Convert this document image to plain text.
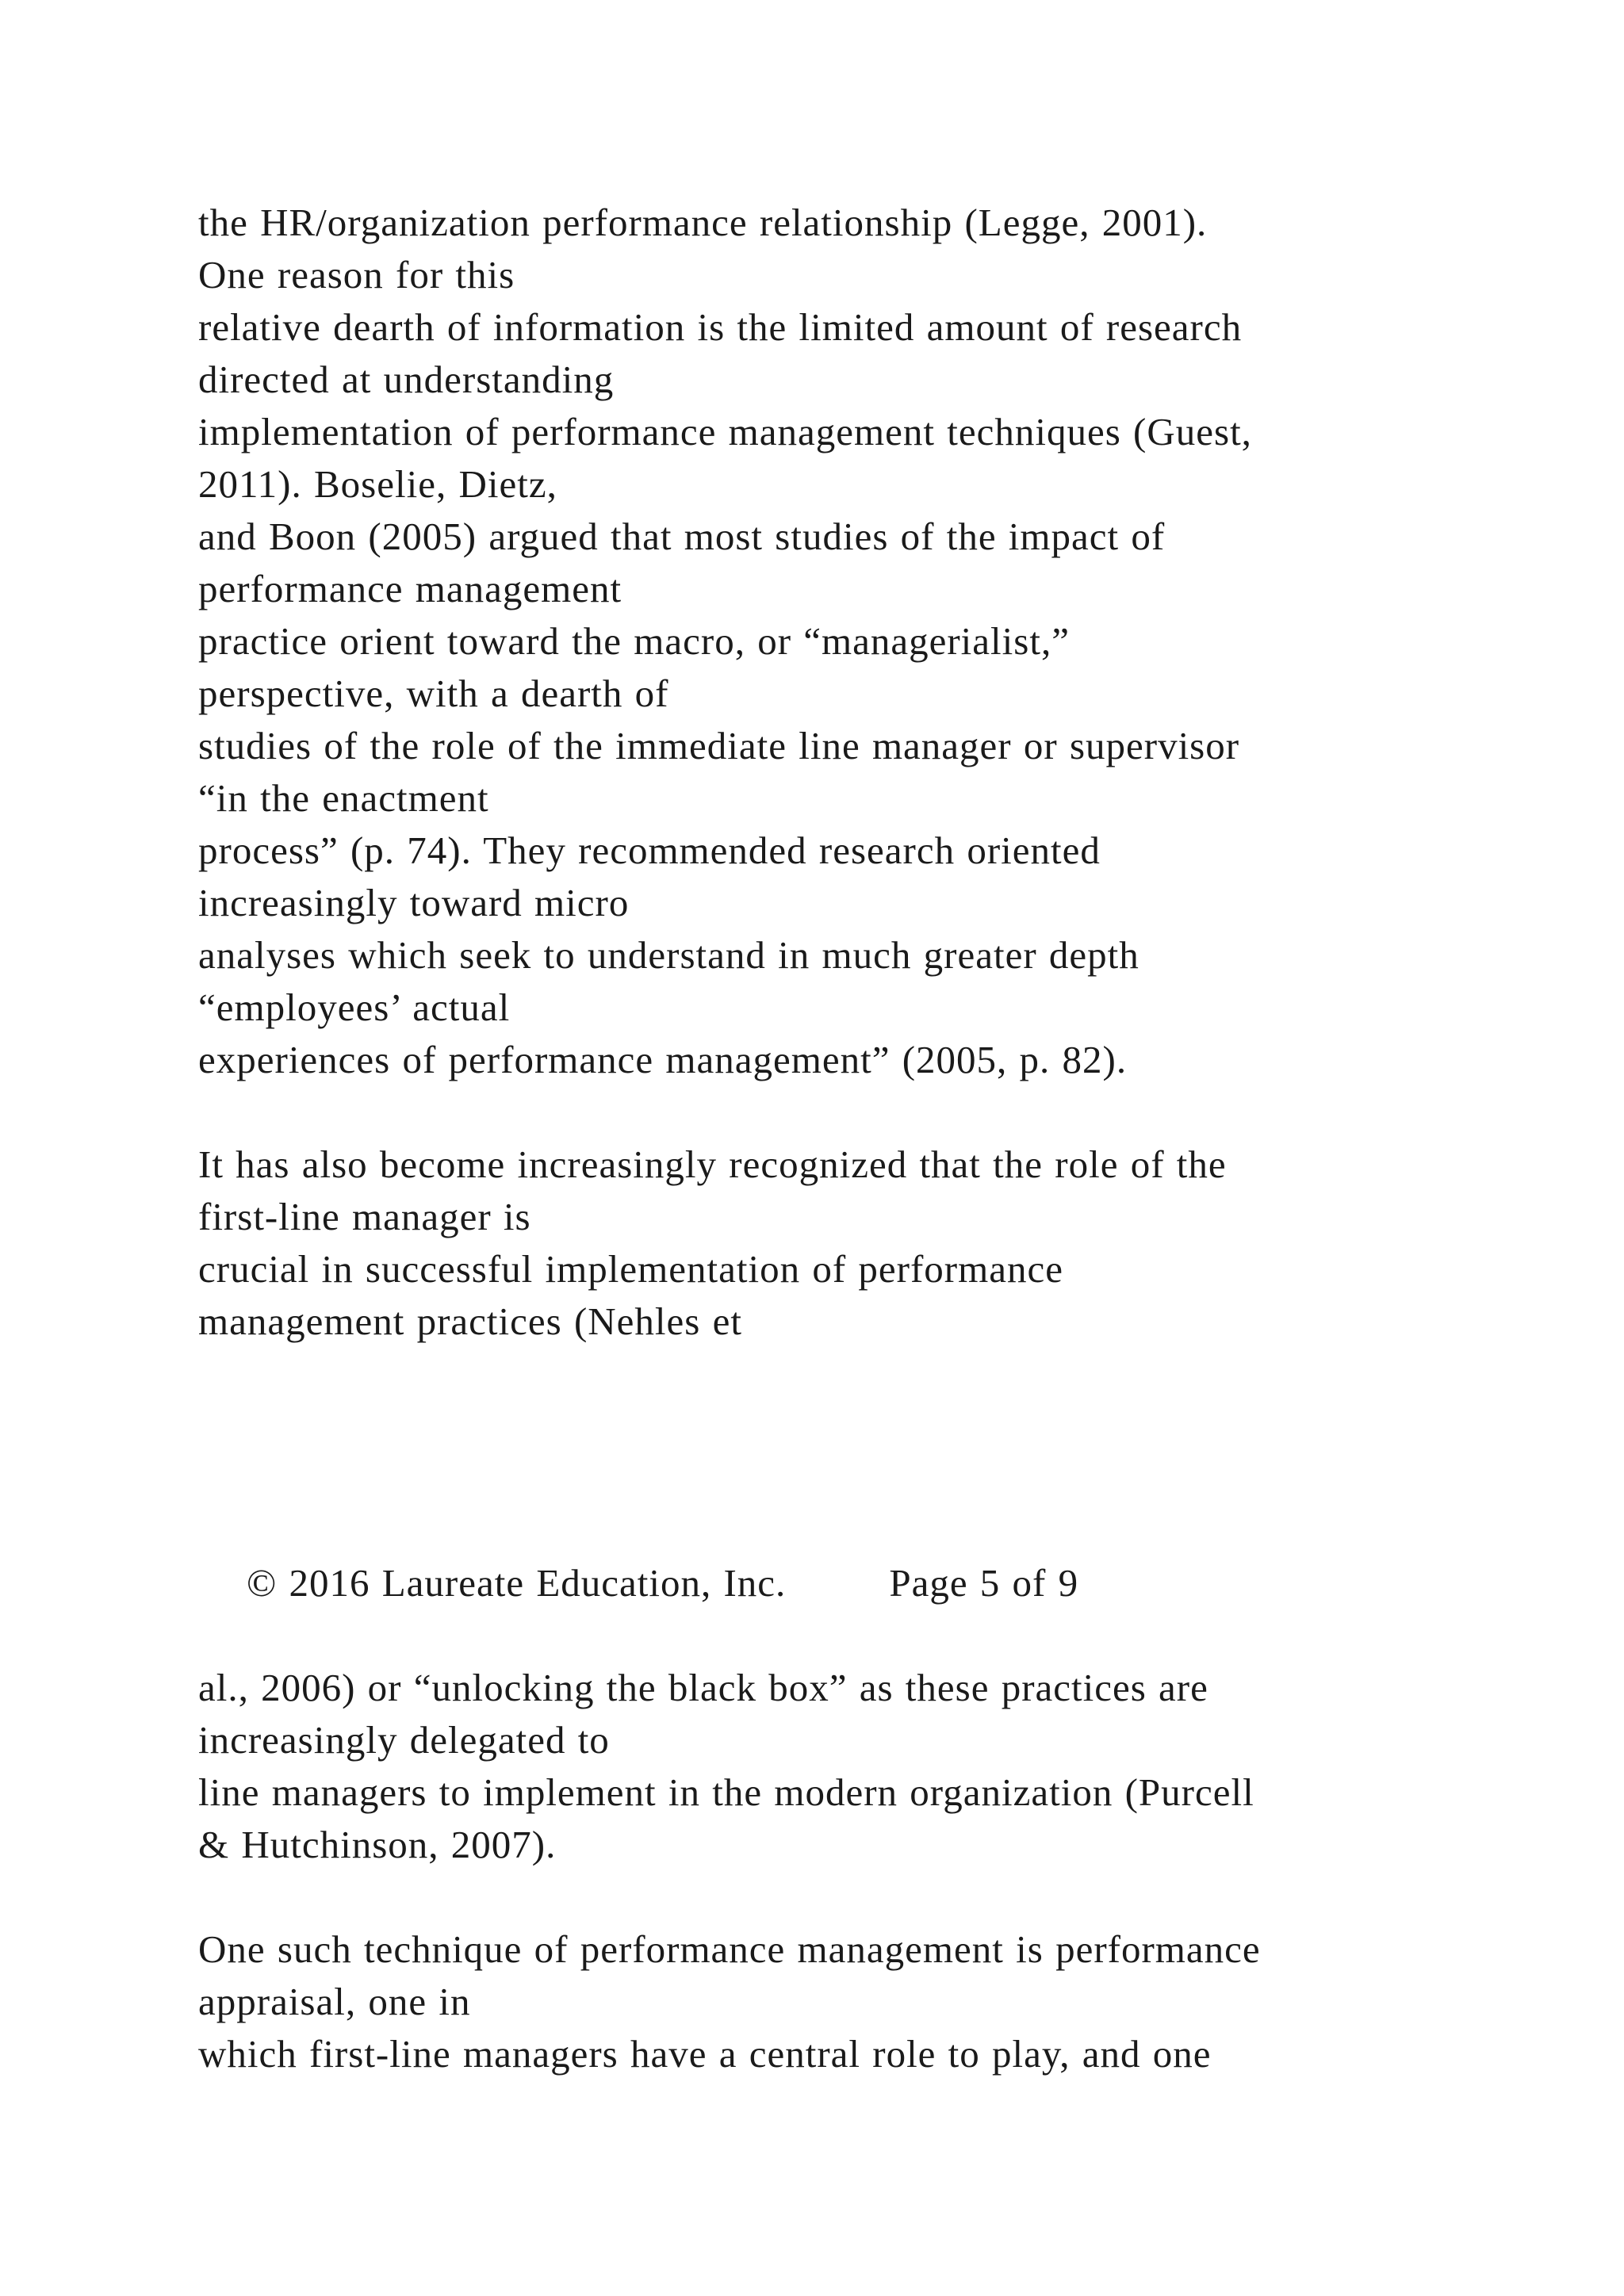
the HR/organization performance relationship (Legge, 2001).
One reason for this
relative dearth of information is the limited amount of research
directed at understanding
implementation of performance management techniques (Guest,
2011). Boselie, Dietz,
and Boon (2005) argued that most studies of the impact of
performance management
practice orient toward the macro, or “managerialist,”
perspective, with a dearth of
studies of the role of the immediate line manager or supervisor
“in the enactment
process” (p. 74). They recommended research oriented
increasingly toward micro
analyses which seek to understand in much greater depth
“employees’ actual
experiences of performance management” (2005, p. 82).
It has also become increasingly recognized that the role of the
first-line manager is
crucial in successful implementation of performance
management practices (Nehles et

© 2016 Laureate Education, Inc.	Page 5 of 9

al., 2006) or “unlocking the black box” as these practices are
increasingly delegated to
line managers to implement in the modern organization (Purcell
& Hutchinson, 2007).
One such technique of performance management is performance
appraisal, one in
which first-line managers have a central role to play, and one
